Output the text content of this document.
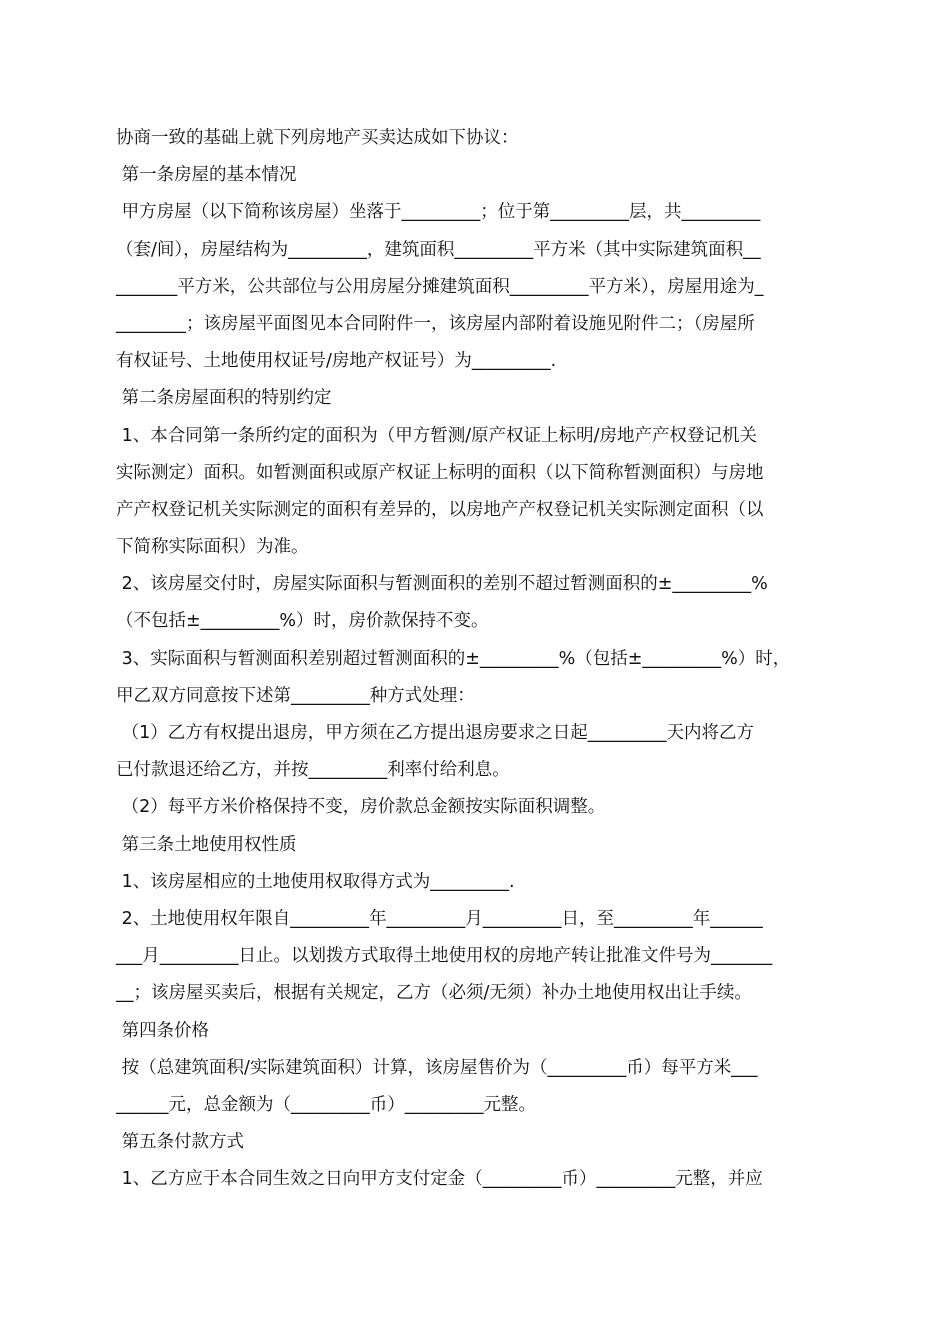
协商一致的基础上就下列房地产买卖达成如下协议：
第一条房屋的基本情况
甲方房屋（以下简称该房屋）坐落于_________；位于第_________层，共_________
（套/间），房屋结构为_________，建筑面积_________平方米（其中实际建筑面积__
_______平方米，公共部位与公用房屋分摊建筑面积_________平方米），房屋用途为_
________；该房屋平面图见本合同附件一，该房屋内部附着设施见附件二；（房屋所
有权证号、土地使用权证号/房地产权证号）为_________.
第二条房屋面积的特别约定
1、本合同第一条所约定的面积为（甲方暂测/原产权证上标明/房地产产权登记机关
实际测定）面积。如暂测面积或原产权证上标明的面积（以下简称暂测面积）与房地
产产权登记机关实际测定的面积有差异的，以房地产产权登记机关实际测定面积（以
下简称实际面积）为准。
2、该房屋交付时，房屋实际面积与暂测面积的差别不超过暂测面积的±_________%
（不包括±_________%）时，房价款保持不变。
3、实际面积与暂测面积差别超过暂测面积的±_________%（包括±_________%）时，
甲乙双方同意按下述第_________种方式处理：
（1）乙方有权提出退房，甲方须在乙方提出退房要求之日起_________天内将乙方
已付款退还给乙方，并按_________利率付给利息。
（2）每平方米价格保持不变，房价款总金额按实际面积调整。
第三条土地使用权性质
1、该房屋相应的土地使用权取得方式为_________.
2、土地使用权年限自_________年_________月_________日，至_________年______
___月_________日止。以划拨方式取得土地使用权的房地产转让批准文件号为_______
__；该房屋买卖后，根据有关规定，乙方（必须/无须）补办土地使用权出让手续。
第四条价格
按（总建筑面积/实际建筑面积）计算，该房屋售价为（_________币）每平方米___
______元，总金额为（_________币）_________元整。
第五条付款方式
1、乙方应于本合同生效之日向甲方支付定金（_________币）_________元整，并应
